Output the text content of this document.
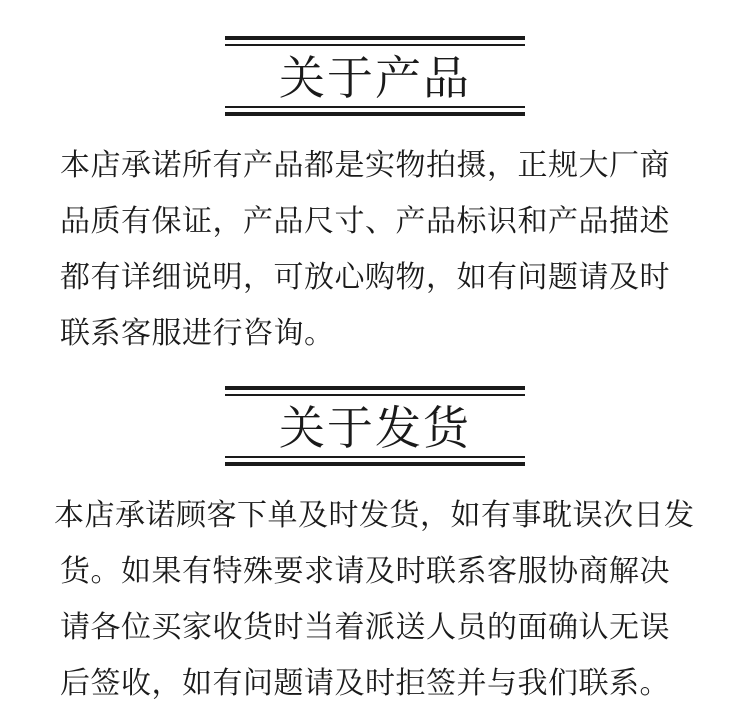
关于产品
本店承诺所有产品都是实物拍摄，正规大厂商
品质有保证，产品尺寸、产品标识和产品描述
都有详细说明，可放心购物，如有问题请及时
联系客服进行咨询。
关于发货
本店承诺顾客下单及时发货，如有事耽误次日发
货。如果有特殊要求请及时联系客服协商解决
请各位买家收货时当着派送人员的面确认无误
后签收，如有问题请及时拒签并与我们联系。
